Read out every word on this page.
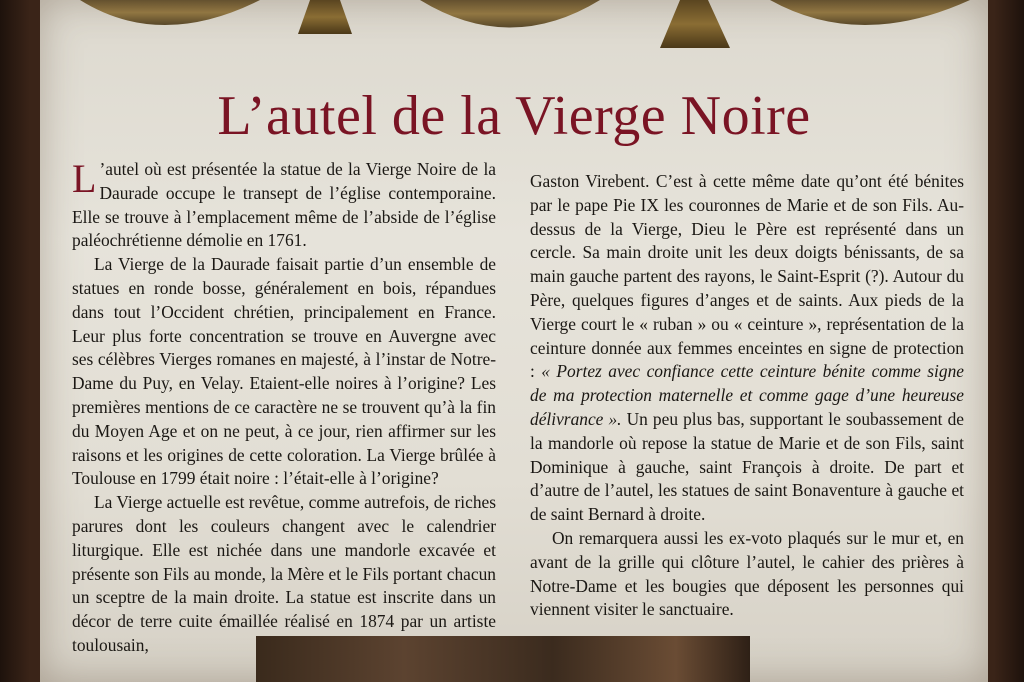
L’autel de la Vierge Noire

L ’autel où est présentée la statue de la Vierge Noire de la Daurade occupe le transept de l’église contemporaine. Elle se trouve à l’emplacement même de l’abside de l’église paléochrétienne démolie en 1761.

La Vierge de la Daurade faisait partie d’un ensemble de statues en ronde bosse, généralement en bois, répandues dans tout l’Occident chrétien, principalement en France. Leur plus forte concentration se trouve en Auvergne avec ses célèbres Vierges romanes en majesté, à l’instar de Notre-Dame du Puy, en Velay. Etaient-elle noires à l’origine? Les premières mentions de ce caractère ne se trouvent qu’à la fin du Moyen Age et on ne peut, à ce jour, rien affirmer sur les raisons et les origines de cette coloration. La Vierge brûlée à Toulouse en 1799 était noire : l’était-elle à l’origine?

La Vierge actuelle est revêtue, comme autrefois, de riches parures dont les couleurs changent avec le calendrier liturgique. Elle est nichée dans une mandorle excavée et présente son Fils au monde, la Mère et le Fils portant chacun un sceptre de la main droite. La statue est inscrite dans un décor de terre cuite émaillée réalisé en 1874 par un artiste toulousain,

Gaston Virebent. C’est à cette même date qu’ont été bénites par le pape Pie IX les couronnes de Marie et de son Fils. Au-dessus de la Vierge, Dieu le Père est représenté dans un cercle. Sa main droite unit les deux doigts bénissants, de sa main gauche partent des rayons, le Saint-Esprit (?). Autour du Père, quelques figures d’anges et de saints. Aux pieds de la Vierge court le « ruban » ou « ceinture », représentation de la ceinture donnée aux femmes enceintes en signe de protection : « Portez avec confiance cette ceinture bénite comme signe de ma protection maternelle et comme gage d’une heureuse délivrance ». Un peu plus bas, supportant le soubassement de la mandorle où repose la statue de Marie et de son Fils, saint Dominique à gauche, saint François à droite. De part et d’autre de l’autel, les statues de saint Bonaventure à gauche et de saint Bernard à droite.

On remarquera aussi les ex-voto plaqués sur le mur et, en avant de la grille qui clôture l’autel, le cahier des prières à Notre-Dame et les bougies que déposent les personnes qui viennent visiter le sanctuaire.
